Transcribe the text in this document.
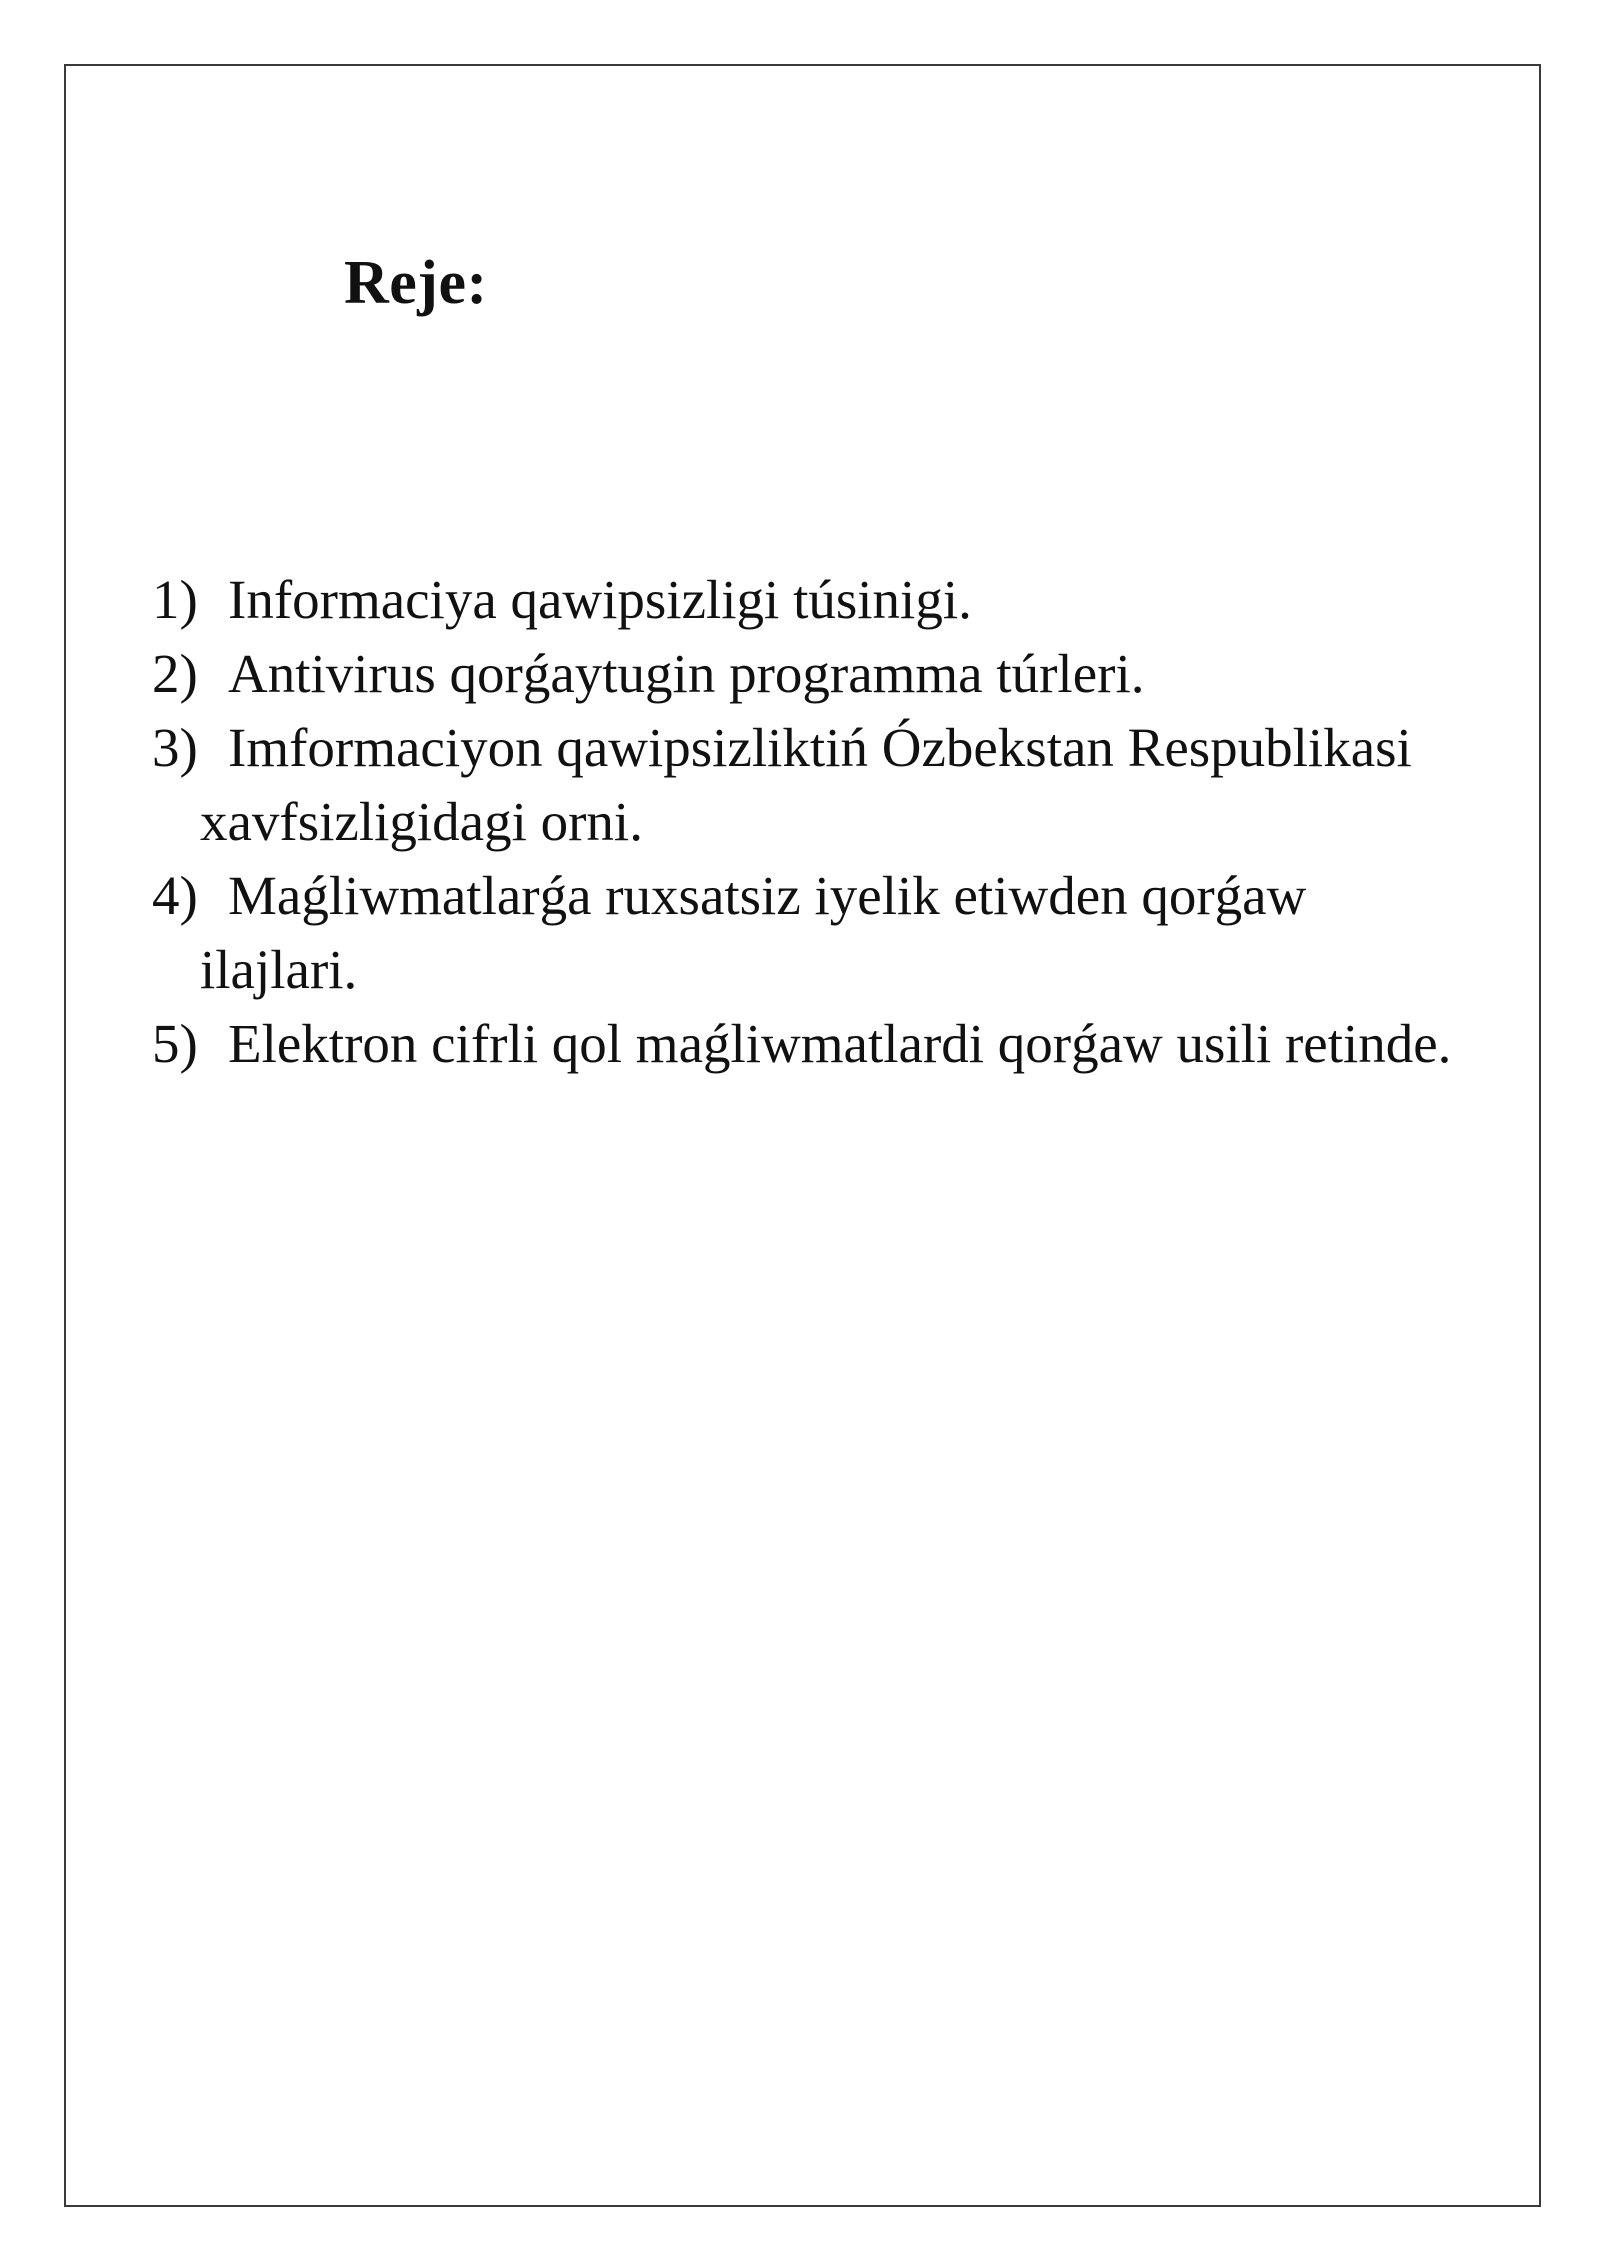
Reje:
1) Informaciya qawipsizligi túsinigi.
2) Antivirus qorǵaytugin programma túrleri.
3) Imformaciyon qawipsizliktiń Ózbekstan Respublikasi xavfsizligidagi orni.
4) Maǵliwmatlarǵa ruxsatsiz iyelik etiwden qorǵaw ilajlari.
5) Elektron cifrli qol maǵliwmatlardi qorǵaw usili retinde.
